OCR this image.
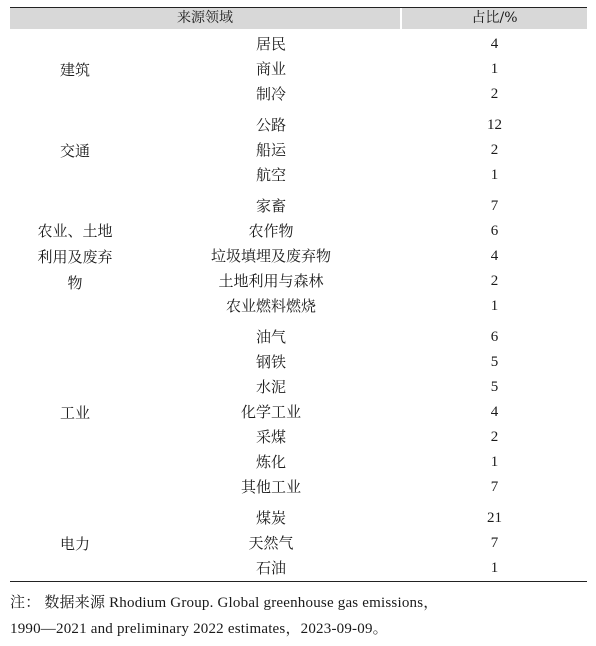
来源领域	占比/%
建筑
居民	4
商业	1
制冷	2
交通
公路	12
船运	2
航空	1
农业、土地
利用及废弃
物
家畜	7
农作物	6
垃圾填埋及废弃物	4
土地利用与森林	2
农业燃料燃烧	1
工业
油气	6
钢铁	5
水泥	5
化学工业	4
采煤	2
炼化	1
其他工业	7
电力
煤炭	21
天然气	7
石油	1
注： 数据来源 Rhodium Group. Global greenhouse gas emissions，
1990—2021 and preliminary 2022 estimates，2023-09-09。
